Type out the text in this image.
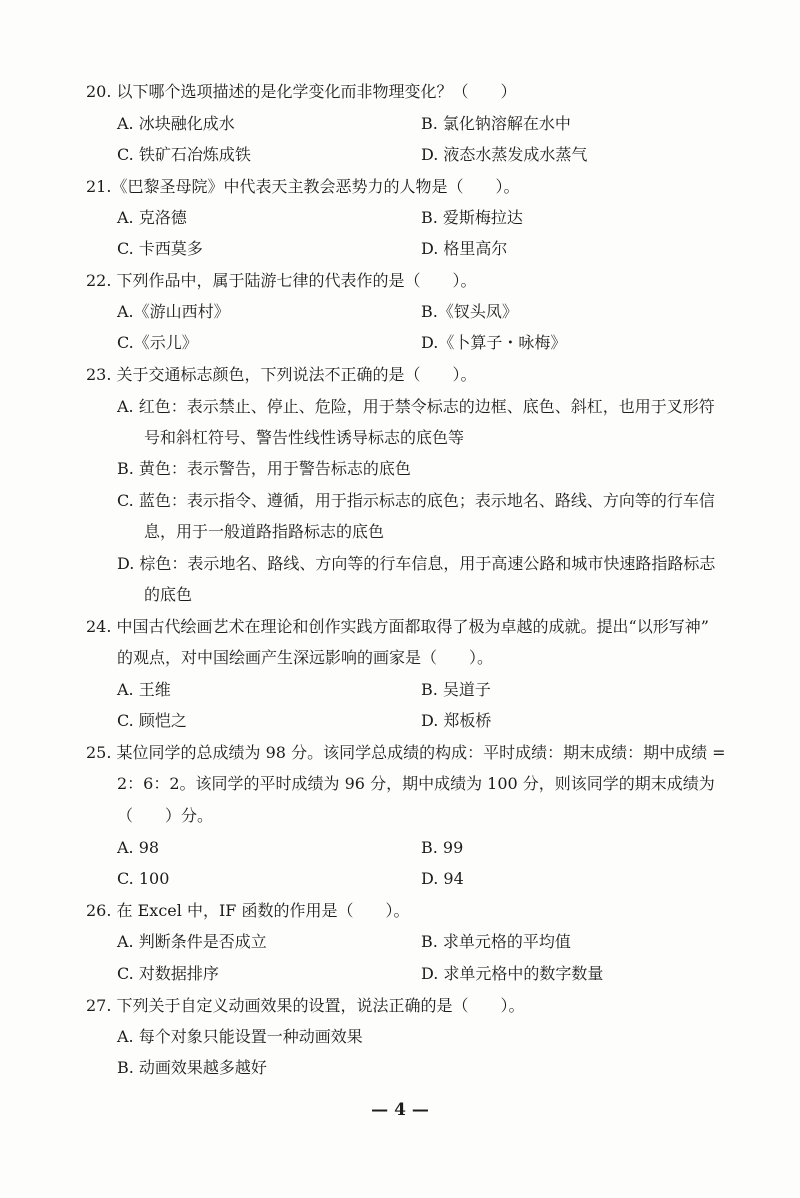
20. 以下哪个选项描述的是化学变化而非物理变化？（　　）
A. 冰块融化成水	B. 氯化钠溶解在水中
C. 铁矿石冶炼成铁	D. 液态水蒸发成水蒸气
21.《巴黎圣母院》中代表天主教会恶势力的人物是（　　）。
A. 克洛德	B. 爱斯梅拉达
C. 卡西莫多	D. 格里高尔
22. 下列作品中，属于陆游七律的代表作的是（　　）。
A.《游山西村》	B.《钗头凤》
C.《示儿》	D.《卜算子・咏梅》
23. 关于交通标志颜色，下列说法不正确的是（　　）。
A. 红色：表示禁止、停止、危险，用于禁令标志的边框、底色、斜杠，也用于叉形符
号和斜杠符号、警告性线性诱导标志的底色等
B. 黄色：表示警告，用于警告标志的底色
C. 蓝色：表示指令、遵循，用于指示标志的底色；表示地名、路线、方向等的行车信
息，用于一般道路指路标志的底色
D. 棕色：表示地名、路线、方向等的行车信息，用于高速公路和城市快速路指路标志
的底色
24. 中国古代绘画艺术在理论和创作实践方面都取得了极为卓越的成就。提出“以形写神”
的观点，对中国绘画产生深远影响的画家是（　　）。
A. 王维	B. 吴道子
C. 顾恺之	D. 郑板桥
25. 某位同学的总成绩为 98 分。该同学总成绩的构成：平时成绩：期末成绩：期中成绩 =
2：6：2。该同学的平时成绩为 96 分，期中成绩为 100 分，则该同学的期末成绩为
（　　）分。
A. 98	B. 99
C. 100	D. 94
26. 在 Excel 中，IF 函数的作用是（　　）。
A. 判断条件是否成立	B. 求单元格的平均值
C. 对数据排序	D. 求单元格中的数字数量
27. 下列关于自定义动画效果的设置，说法正确的是（　　）。
A. 每个对象只能设置一种动画效果
B. 动画效果越多越好
— 4 —
